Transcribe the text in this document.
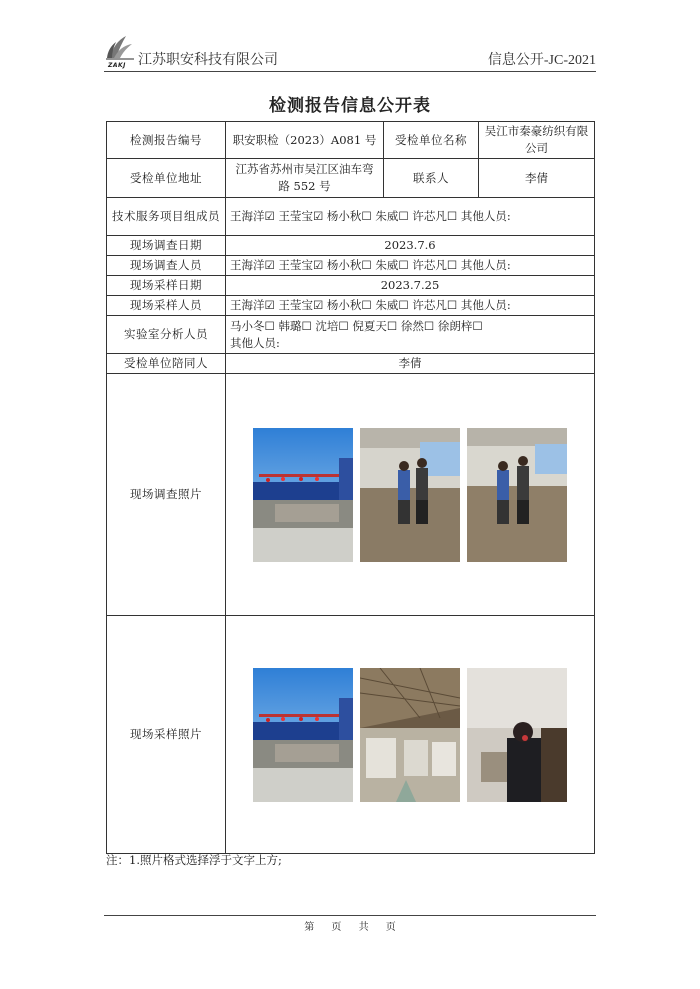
ZAKJ 江苏职安科技有限公司	信息公开-JC-2021
检测报告信息公开表
检测报告编号	职安职检（2023）A081 号	受检单位名称	吴江市秦豪纺织有限公司
受检单位地址	江苏省苏州市吴江区油车弯路 552 号	联系人	李倩
技术服务项目组成员	王海洋☑ 王莹宝☑ 杨小秋☐ 朱威☐ 许芯凡☐ 其他人员:		
现场调查日期	2023.7.6		
现场调查人员	王海洋☑ 王莹宝☑ 杨小秋☐ 朱威☐ 许芯凡☐ 其他人员:		
现场采样日期	2023.7.25		
现场采样人员	王海洋☑ 王莹宝☑ 杨小秋☐ 朱威☐ 许芯凡☐ 其他人员:		
实验室分析人员	马小冬☐ 韩璐☐ 沈培☐ 倪夏天☐ 徐然☐ 徐朗梓☐
其他人员:		

受检单位陪同人	李倩		
现场调查照片	

现场采样照片	
注：1.照片格式选择浮于文字上方;
第 页 共 页
